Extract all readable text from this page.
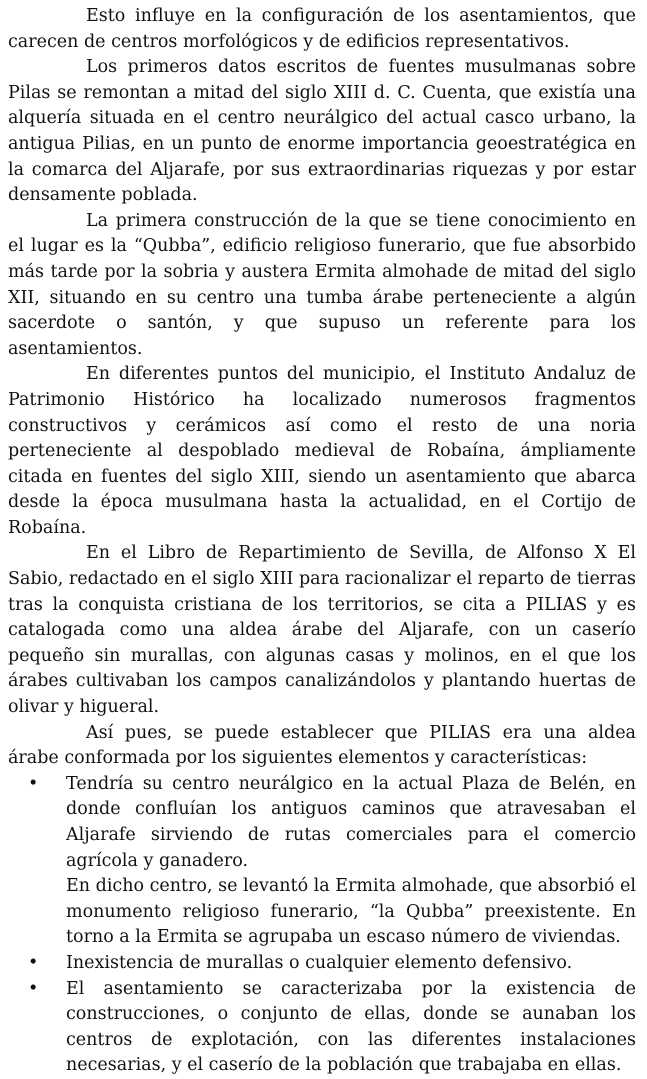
Esto influye en la configuración de los asentamientos, que carecen de centros morfológicos y de edificios representativos.

Los primeros datos escritos de fuentes musulmanas sobre Pilas se remontan a mitad del siglo XIII d. C. Cuenta, que existía una alquería situada en el centro neurálgico del actual casco urbano, la antigua Pilias, en un punto de enorme importancia geoestratégica en la comarca del Aljarafe, por sus extraordinarias riquezas y por estar densamente poblada.

La primera construcción de la que se tiene conocimiento en el lugar es la “Qubba”, edificio religioso funerario, que fue absorbido más tarde por la sobria y austera Ermita almohade de mitad del siglo XII, situando en su centro una tumba árabe perteneciente a algún sacerdote o santón, y que supuso un referente para los asentamientos.

En diferentes puntos del municipio, el Instituto Andaluz de Patrimonio Histórico ha localizado numerosos fragmentos constructivos y cerámicos así como el resto de una noria perteneciente al despoblado medieval de Robaína, ámpliamente citada en fuentes del siglo XIII, siendo un asentamiento que abarca desde la época musulmana hasta la actualidad, en el Cortijo de Robaína.

En el Libro de Repartimiento de Sevilla, de Alfonso X El Sabio, redactado en el siglo XIII para racionalizar el reparto de tierras tras la conquista cristiana de los territorios, se cita a PILIAS y es catalogada como una aldea árabe del Aljarafe, con un caserío pequeño sin murallas, con algunas casas y molinos, en el que los árabes cultivaban los campos canalizándolos y plantando huertas de olivar y higueral.

Así pues, se puede establecer que PILIAS era una aldea árabe conformada por los siguientes elementos y características:

• Tendría su centro neurálgico en la actual Plaza de Belén, en donde confluían los antiguos caminos que atravesaban el Aljarafe sirviendo de rutas comerciales para el comercio agrícola y ganadero.
En dicho centro, se levantó la Ermita almohade, que absorbió el monumento religioso funerario, “la Qubba” preexistente. En torno a la Ermita se agrupaba un escaso número de viviendas.
• Inexistencia de murallas o cualquier elemento defensivo.
• El asentamiento se caracterizaba por la existencia de construcciones, o conjunto de ellas, donde se aunaban los centros de explotación, con las diferentes instalaciones necesarias, y el caserío de la población que trabajaba en ellas.
